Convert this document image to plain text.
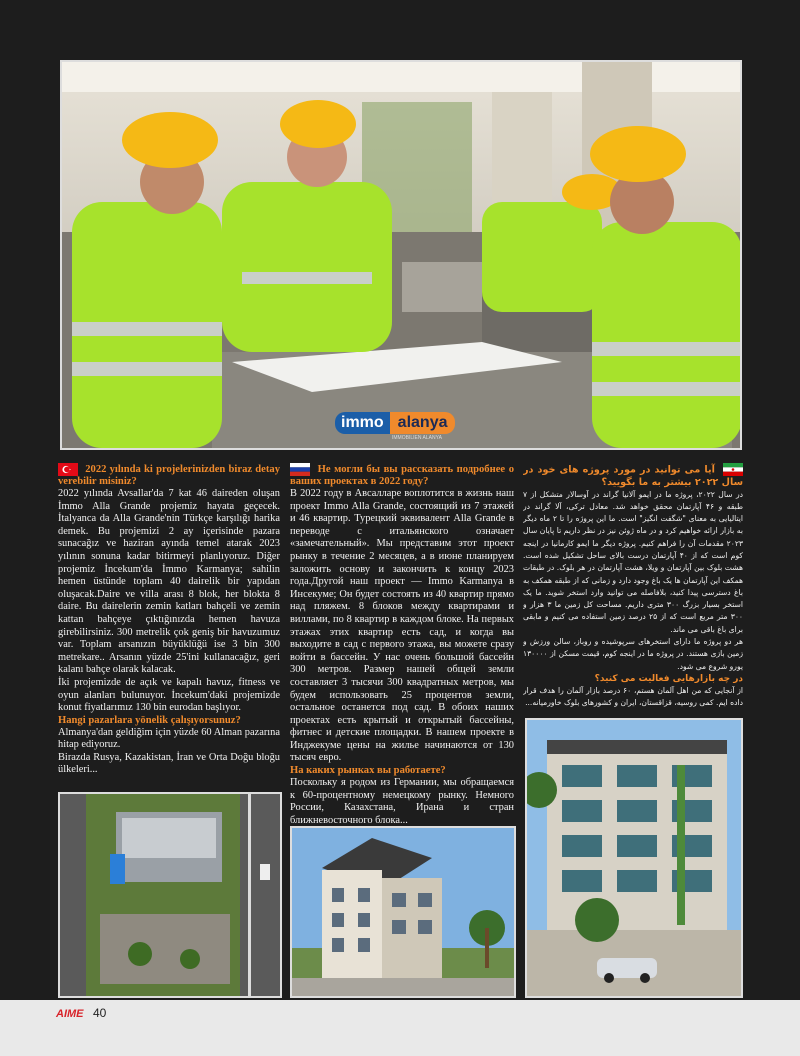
immo alanya
IMMOBILIEN ALANYA

2022 yılında ki projelerinizden biraz detay verebilir misiniz?

2022 yılında Avsallar'da 7 kat 46 daireden oluşan İmmo Alla Grande projemiz hayata geçecek. İtalyanca da Alla Grande'nin Türkçe karşılığı harika demek. Bu projemizi 2 ay içerisinde pazara sunacağız ve haziran ayında temel atarak 2023 yılının sonuna kadar bitirmeyi planlıyoruz. Diğer projemiz İncekum'da İmmo Karmanya; sahilin hemen üstünde toplam 40 dairelik bir yapıdan oluşacak.Daire ve villa arası 8 blok, her blokta 8 daire. Bu dairelerin zemin katları bahçeli ve zemin kattan bahçeye çıktığınızda hemen havuza girebilirsiniz. 300 metrelik çok geniş bir havuzumuz var. Toplam arsanızın büyüklüğü ise 3 bin 300 metrekare.. Arsanın yüzde 25'ini kullanacağız, geri kalanı bahçe olarak kalacak.

İki projemizde de açık ve kapalı havuz, fitness ve oyun alanları bulunuyor. İncekum'daki projemizde konut fiyatlarımız 130 bin eurodan başlıyor.

Hangi pazarlara yönelik çalışıyorsunuz?

Almanya'dan geldiğim için yüzde 60 Alman pazarına hitap ediyoruz.

Birazda Rusya, Kazakistan, İran ve Orta Doğu bloğu ülkeleri...

Не могли бы вы рассказать подробнее о ваших проектах в 2022 году?

В 2022 году в Авсалларе воплотится в жизнь наш проект Immo Alla Grande, состоящий из 7 этажей и 46 квартир. Турецкий эквивалент Alla Grande в переводе с итальянского означает «замечательный». Мы представим этот проект рынку в течение 2 месяцев, а в июне планируем заложить основу и закончить к концу 2023 года.Другой наш проект — Immo Karmanya в Инсекуме; Он будет состоять из 40 квартир прямо над пляжем. 8 блоков между квартирами и виллами, по 8 квартир в каждом блоке. На первых этажах этих квартир есть сад, и когда вы выходите в сад с первого этажа, вы можете сразу войти в бассейн. У нас очень большой бассейн 300 метров. Размер нашей общей земли составляет 3 тысячи 300 квадратных метров, мы будем использовать 25 процентов земли, остальное останется под сад. В обоих наших проектах есть крытый и открытый бассейны, фитнес и детские площадки. В нашем проекте в Инджекуме цены на жилье начинаются от 130 тысяч евро.

На каких рынках вы работаете?

Поскольку я родом из Германии, мы обращаемся к 60-процентному немецкому рынку. Немного России, Казахстана, Ирана и стран ближневосточного блока...

آیا می توانید در مورد پروژه های خود در سال ۲۰۲۲ بیشتر به ما بگویید؟

در سال ۲۰۲۲، پروژه ما در ایمو آلانیا گراند در آوسالار متشکل از ۷ طبقه و ۴۶ آپارتمان محقق خواهد شد. معادل ترکی، آلا گراند در ایتالیایی به معنای "شگفت انگیز" است. ما این پروژه را تا ۲ ماه دیگر به بازار ارائه خواهیم کرد و در ماه ژوئن نیز در نظر داریم تا پایان سال ۲۰۲۳ مقدمات آن را فراهم کنیم. پروژه دیگر ما ایمو کارمانیا در اینجه کوم است که از ۴۰ آپارتمان درست بالای ساحل تشکیل شده است. هشت بلوک بین آپارتمان و ویلا، هشت آپارتمان در هر بلوک. در طبقات همکف این آپارتمان ها یک باغ وجود دارد و زمانی که از طبقه همکف به باغ دسترسی پیدا کنید، بلافاصله می توانید وارد استخر شوید. ما یک استخر بسیار بزرگ ۳۰۰ متری داریم. مساحت کل زمین ما ۳ هزار و ۳۰۰ متر مربع است که از ۲۵ درصد زمین استفاده می کنیم و مابقی برای باغ باقی می ماند.

هر دو پروژه ما دارای استخرهای سرپوشیده و روباز، سالن ورزش و زمین بازی هستند. در پروژه ما در اینجه کوم، قیمت مسکن از ۱۳۰۰۰۰ یورو شروع می شود.

در چه بازارهایی فعالیت می کنید؟

از آنجایی که من اهل آلمان هستم، ۶۰ درصد بازار آلمان را هدف قرار داده ایم. کمی روسیه، قزاقستان، ایران و کشورهای بلوک خاورمیانه...

AIME 40
